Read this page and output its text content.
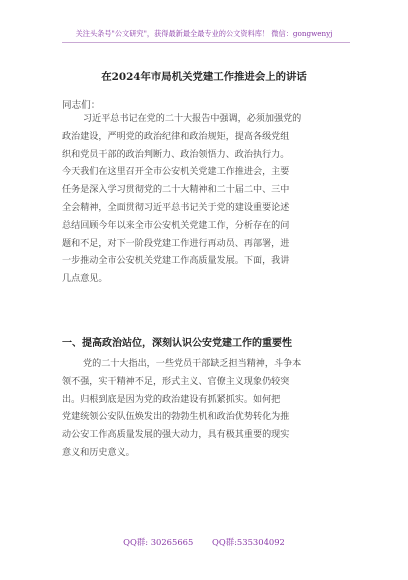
关注头条号"公文研究"，获得最新最全最专业的公文资料库！ 微信：gongwenyj
在2024年市局机关党建工作推进会上的讲话
同志们：
习近平总书记在党的二十大报告中强调，必须加强党的
政治建设，严明党的政治纪律和政治规矩，提高各级党组
织和党员干部的政治判断力、政治领悟力、政治执行力。
今天我们在这里召开全市公安机关党建工作推进会，主要
任务是深入学习贯彻党的二十大精神和二十届二中、三中
全会精神，全面贯彻习近平总书记关于党的建设重要论述
总结回顾今年以来全市公安机关党建工作，分析存在的问
题和不足，对下一阶段党建工作进行再动员、再部署，进
一步推动全市公安机关党建工作高质量发展。下面，我讲
几点意见。
一、提高政治站位，深刻认识公安党建工作的重要性
党的二十大指出，一些党员干部缺乏担当精神，斗争本
领不强，实干精神不足，形式主义、官僚主义现象仍较突
出。归根到底是因为党的政治建设有抓紧抓实。如何把
党建统领公安队伍焕发出的勃勃生机和政治优势转化为推
动公安工作高质量发展的强大动力，具有极其重要的现实
意义和历史意义。
QQ群: 30265665 QQ群:535304092
